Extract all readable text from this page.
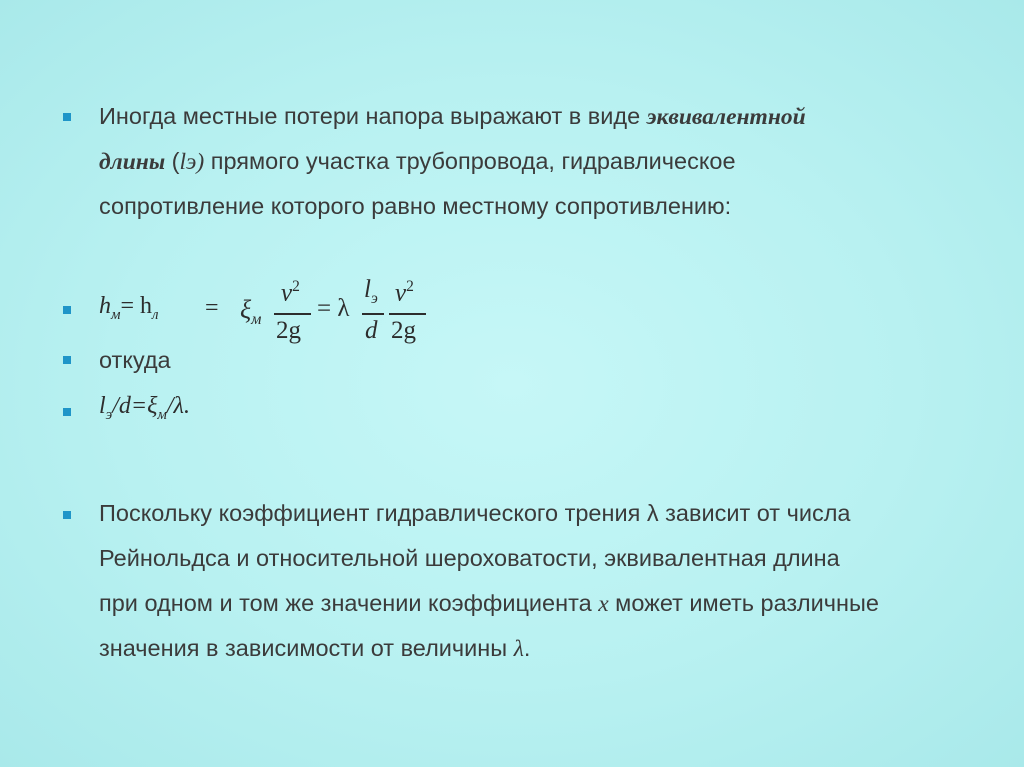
Иногда местные потери напора выражают в виде эквивалентной
длины (lэ) прямого участка трубопровода, гидравлическое
сопротивление которого равно местному сопротивлению:
$h_м= h_л = \xi_м$
$v^2$
2g
= λ
$l_э$
d
$v^2$
2g
откуда
$l_э/d=\xi_м/\lambda$.
Поскольку коэффициент гидравлического трения λ зависит от числа
Рейнольдса и относительной шероховатости, эквивалентная длина
при одном и том же значении коэффициента x может иметь различные
значения в зависимости от величины λ.
